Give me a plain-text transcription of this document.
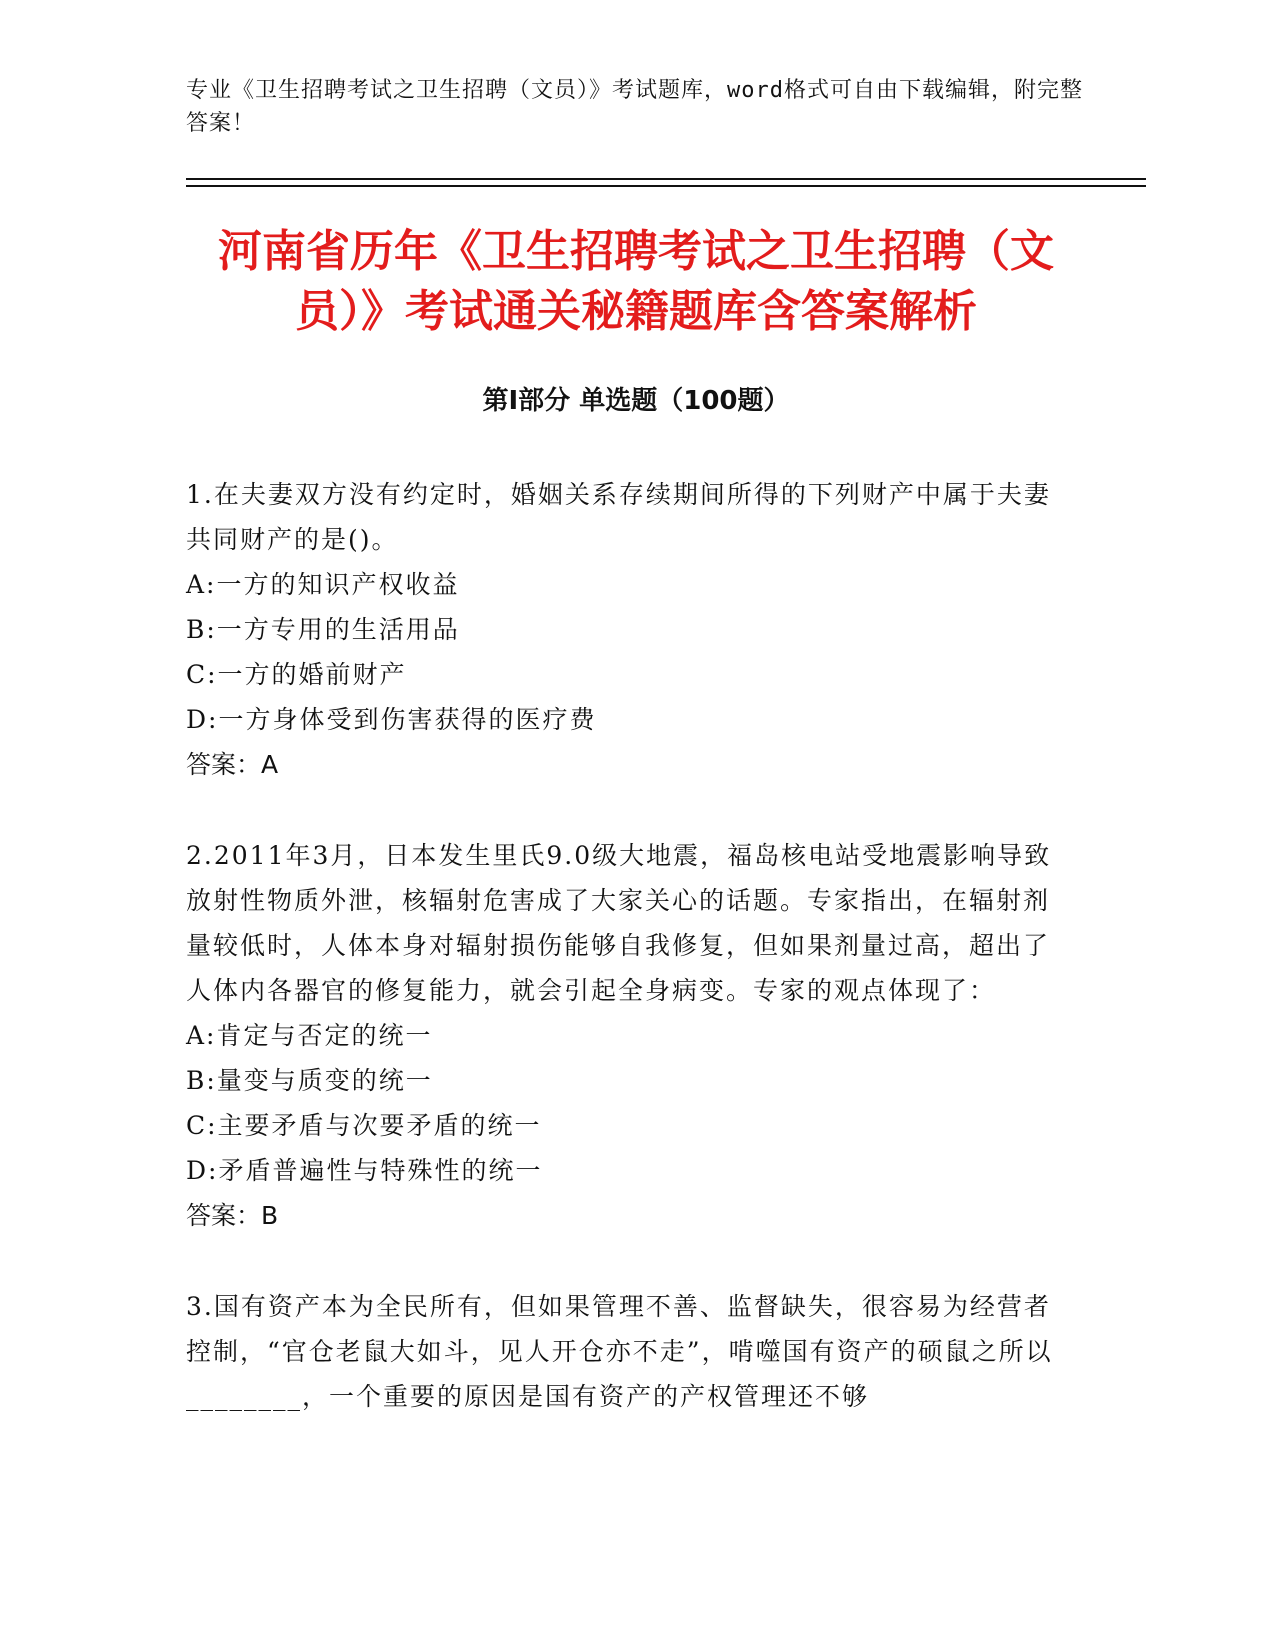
专业《卫生招聘考试之卫生招聘（文员）》考试题库，word格式可自由下载编辑，附完整答案！
河南省历年《卫生招聘考试之卫生招聘（文员）》考试通关秘籍题库含答案解析
第Ⅰ部分 单选题（100题）

1.在夫妻双方没有约定时，婚姻关系存续期间所得的下列财产中属于夫妻共同财产的是()。

A:一方的知识产权收益

B:一方专用的生活用品

C:一方的婚前财产

D:一方身体受到伤害获得的医疗费

答案：A

2.2011年3月，日本发生里氏9.0级大地震，福岛核电站受地震影响导致放射性物质外泄，核辐射危害成了大家关心的话题。专家指出，在辐射剂量较低时，人体本身对辐射损伤能够自我修复，但如果剂量过高，超出了人体内各器官的修复能力，就会引起全身病变。专家的观点体现了：

A:肯定与否定的统一

B:量变与质变的统一

C:主要矛盾与次要矛盾的统一

D:矛盾普遍性与特殊性的统一

答案：B

3.国有资产本为全民所有，但如果管理不善、监督缺失，很容易为经营者控制，“官仓老鼠大如斗，见人开仓亦不走”，啃噬国有资产的硕鼠之所以________，一个重要的原因是国有资产的产权管理还不够
